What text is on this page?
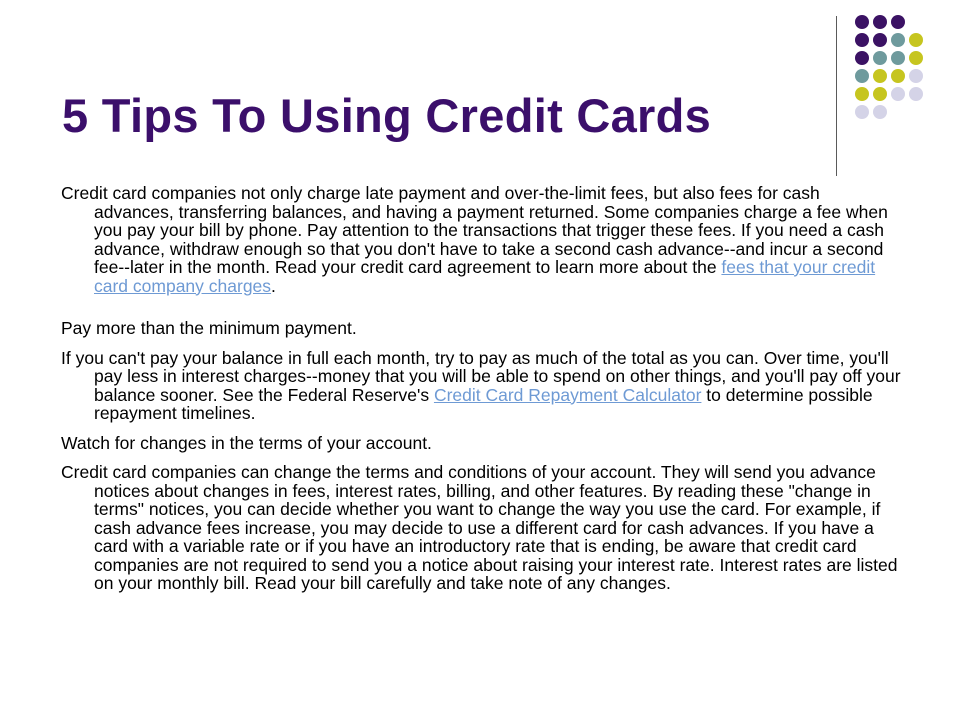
5 Tips To Using Credit Cards

Credit card companies not only charge late payment and over-the-limit fees, but also fees for cash advances, transferring balances, and having a payment returned. Some companies charge a fee when you pay your bill by phone. Pay attention to the transactions that trigger these fees. If you need a cash advance, withdraw enough so that you don't have to take a second cash advance--and incur a second fee--later in the month. Read your credit card agreement to learn more about the fees that your credit card company charges.

Pay more than the minimum payment.

If you can't pay your balance in full each month, try to pay as much of the total as you can. Over time, you'll pay less in interest charges--money that you will be able to spend on other things, and you'll pay off your balance sooner. See the Federal Reserve's Credit Card Repayment Calculator to determine possible repayment timelines.

Watch for changes in the terms of your account.

Credit card companies can change the terms and conditions of your account. They will send you advance notices about changes in fees, interest rates, billing, and other features. By reading these "change in terms" notices, you can decide whether you want to change the way you use the card. For example, if cash advance fees increase, you may decide to use a different card for cash advances. If you have a card with a variable rate or if you have an introductory rate that is ending, be aware that credit card companies are not required to send you a notice about raising your interest rate. Interest rates are listed on your monthly bill. Read your bill carefully and take note of any changes.
